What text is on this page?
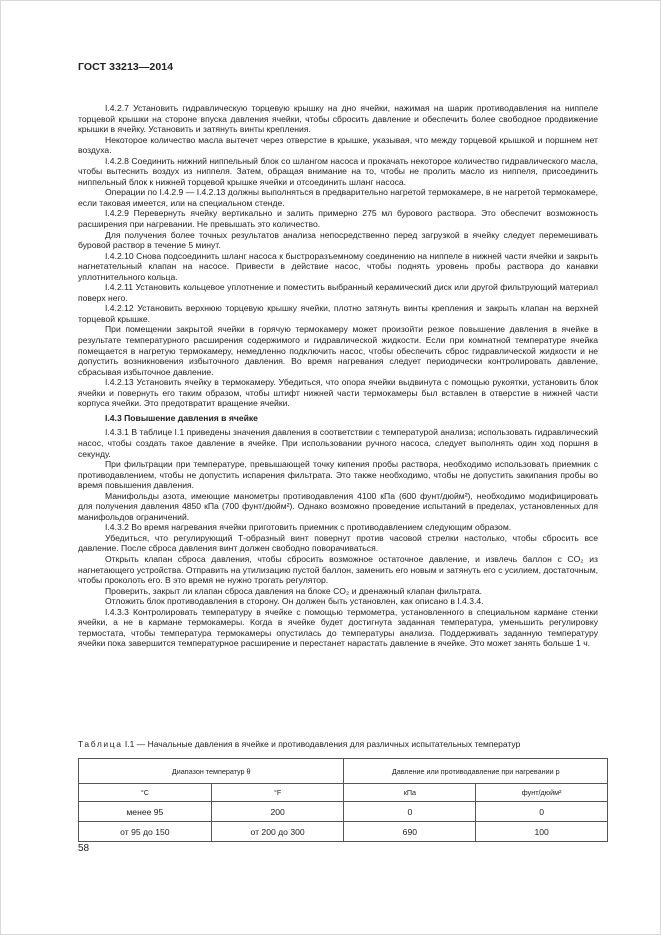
ГОСТ 33213—2014

I.4.2.7 Установить гидравлическую торцевую крышку на дно ячейки, нажимая на шарик противодавления на ниппеле торцевой крышки на стороне впуска давления ячейки, чтобы сбросить давление и обеспечить более свободное продвижение крышки в ячейку. Установить и затянуть винты крепления.

Некоторое количество масла вытечет через отверстие в крышке, указывая, что между торцевой крышкой и поршнем нет воздуха.

I.4.2.8 Соединить нижний ниппельный блок со шлангом насоса и прокачать некоторое количество гидравлического масла, чтобы вытеснить воздух из ниппеля. Затем, обращая внимание на то, чтобы не пролить масло из ниппеля, присоединить ниппельный блок к нижней торцевой крышке ячейки и отсоединить шланг насоса.

Операции по I.4.2.9 — I.4.2.13 должны выполняться в предварительно нагретой термокамере, в не нагретой термокамере, если таковая имеется, или на специальном стенде.

I.4.2.9 Перевернуть ячейку вертикально и залить примерно 275 мл бурового раствора. Это обеспечит возможность расширения при нагревании. Не превышать это количество.

Для получения более точных результатов анализа непосредственно перед загрузкой в ячейку следует перемешивать буровой раствор в течение 5 минут.

I.4.2.10 Снова подсоединить шланг насоса к быстроразъемному соединению на ниппеле в нижней части ячейки и закрыть нагнетательный клапан на насосе. Привести в действие насос, чтобы поднять уровень пробы раствора до канавки уплотнительного кольца.

I.4.2.11 Установить кольцевое уплотнение и поместить выбранный керамический диск или другой фильтрующий материал поверх него.

I.4.2.12 Установить верхнюю торцевую крышку ячейки, плотно затянуть винты крепления и закрыть клапан на верхней торцевой крышке.

При помещении закрытой ячейки в горячую термокамеру может произойти резкое повышение давления в ячейке в результате температурного расширения содержимого и гидравлической жидкости. Если при комнатной температуре ячейка помещается в нагретую термокамеру, немедленно подключить насос, чтобы обеспечить сброс гидравлической жидкости и не допустить возникновения избыточного давления. Во время нагревания следует периодически контролировать давление, сбрасывая избыточное давление.

I.4.2.13 Установить ячейку в термокамеру. Убедиться, что опора ячейки выдвинута с помощью рукоятки, установить блок ячейки и повернуть его таким образом, чтобы штифт нижней части термокамеры был вставлен в отверстие в нижней части корпуса ячейки. Это предотвратит вращение ячейки.

I.4.3 Повышение давления в ячейке

I.4.3.1 В таблице I.1 приведены значения давления в соответствии с температурой анализа; использовать гидравлический насос, чтобы создать такое давление в ячейке. При использовании ручного насоса, следует выполнять один ход поршня в секунду.

При фильтрации при температуре, превышающей точку кипения пробы раствора, необходимо использовать приемник с противодавлением, чтобы не допустить испарения фильтрата. Это также необходимо, чтобы не допустить закипания пробы во время повышения давления.

Манифольды азота, имеющие манометры противодавления 4100 кПа (600 фунт/дюйм²), необходимо модифицировать для получения давления 4850 кПа (700 фунт/дюйм²). Однако возможно проведение испытаний в пределах, установленных для манифольдов ограничений.

I.4.3.2 Во время нагревания ячейки приготовить приемник с противодавлением следующим образом.

Убедиться, что регулирующий Т-образный винт повернут против часовой стрелки настолько, чтобы сбросить все давление. После сброса давления винт должен свободно поворачиваться.

Открыть клапан сброса давления, чтобы сбросить возможное остаточное давление, и извлечь баллон с CO₂ из нагнетающего устройства. Отправить на утилизацию пустой баллон, заменить его новым и затянуть его с усилием, достаточным, чтобы проколоть его. В это время не нужно трогать регулятор.

Проверить, закрыт ли клапан сброса давления на блоке CO₂ и дренажный клапан фильтрата.

Отложить блок противодавления в сторону. Он должен быть установлен, как описано в I.4.3.4.

I.4.3.3 Контролировать температуру в ячейке с помощью термометра, установленного в специальном кармане стенки ячейки, а не в кармане термокамеры. Когда в ячейке будет достигнута заданная температура, уменьшить регулировку термостата, чтобы температура термокамеры опустилась до температуры анализа. Поддерживать заданную температуру ячейки пока завершится температурное расширение и перестанет нарастать давление в ячейке. Это может занять больше 1 ч.

Таблица I.1 — Начальные давления в ячейке и противодавления для различных испытательных температур
Диапазон температур θ		Давление или противодавление при нагревании p	
°C	°F	кПа	фунт/дюйм²
менее 95	200	0	0
от 95 до 150	от 200 до 300	690	100
58
